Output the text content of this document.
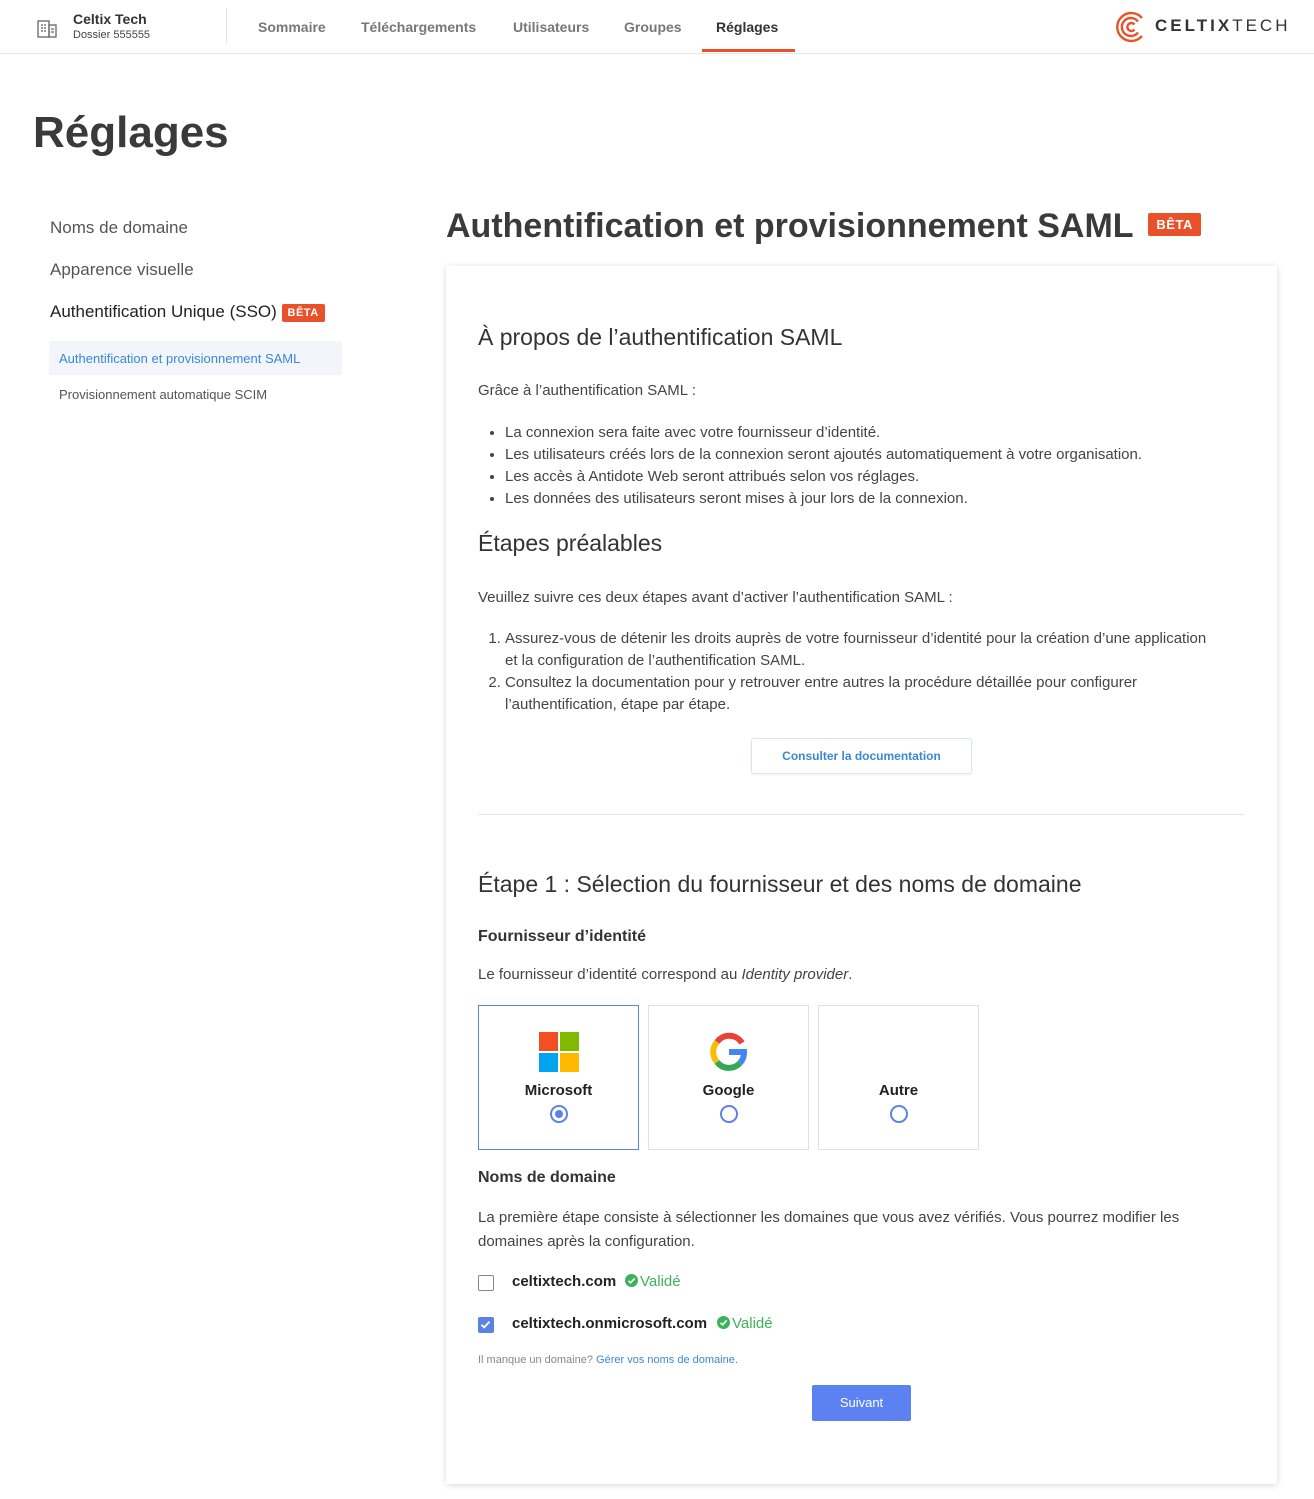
Celtix Tech
Dossier 555555	Sommaire	Téléchargements	Utilisateurs Groupes Réglages	CELTIXTECH
Réglages
Noms de domaine
Apparence visuelle
Authentification Unique (SSO) BÊTA
Authentification et provisionnement SAML
Provisionnement automatique SCIM
Authentification et provisionnement SAML BÊTA
À propos de l’authentification SAML
Grâce à l’authentification SAML :
• La connexion sera faite avec votre fournisseur d’identité.
• Les utilisateurs créés lors de la connexion seront ajoutés automatiquement à votre organisation.
• Les accès à Antidote Web seront attribués selon vos réglages.
• Les données des utilisateurs seront mises à jour lors de la connexion.
Étapes préalables
Veuillez suivre ces deux étapes avant d’activer l’authentification SAML :
1. Assurez-vous de détenir les droits auprès de votre fournisseur d’identité pour la création d’une application et la configuration de l’authentification SAML.
2. Consultez la documentation pour y retrouver entre autres la procédure détaillée pour configurer l’authentification, étape par étape.
Consulter la documentation
Étape 1 : Sélection du fournisseur et des noms de domaine
Fournisseur d’identité
Le fournisseur d’identité correspond au Identity provider.
Microsoft	Google	Autre
Noms de domaine
La première étape consiste à sélectionner les domaines que vous avez vérifiés. Vous pourrez modifier les domaines après la configuration.
celtixtech.com	Validé
celtixtech.onmicrosoft.com	Validé
Il manque un domaine? Gérer vos noms de domaine.
Suivant
